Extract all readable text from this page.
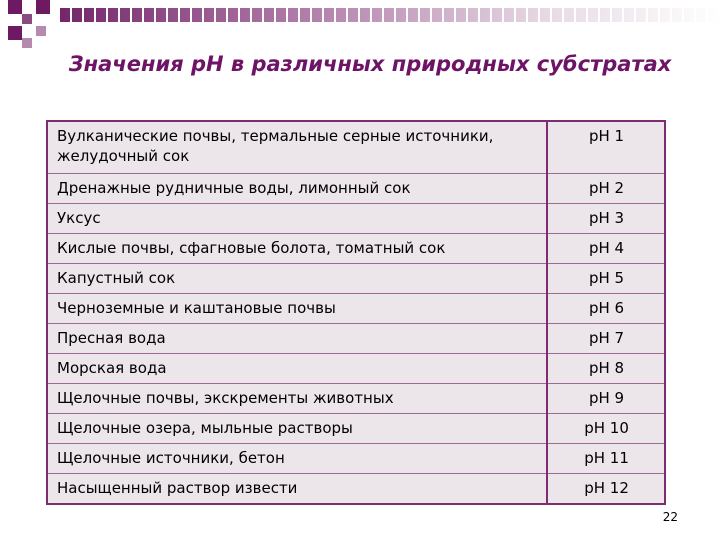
Значения рН в различных природных субстратах
Вулканические почвы, термальные серные источники, желудочный сок	рН 1
Дренажные рудничные воды, лимонный сок	рН 2
Уксус	рН 3
Кислые почвы, сфагновые болота, томатный сок	рН 4
Капустный сок	рН 5
Черноземные и каштановые почвы	рН 6
Пресная вода	рН 7
Морская вода	рН 8
Щелочные почвы, экскременты животных	рН 9
Щелочные озера, мыльные растворы	рН 10
Щелочные источники, бетон	рН 11
Насыщенный раствор извести	рН 12
22
